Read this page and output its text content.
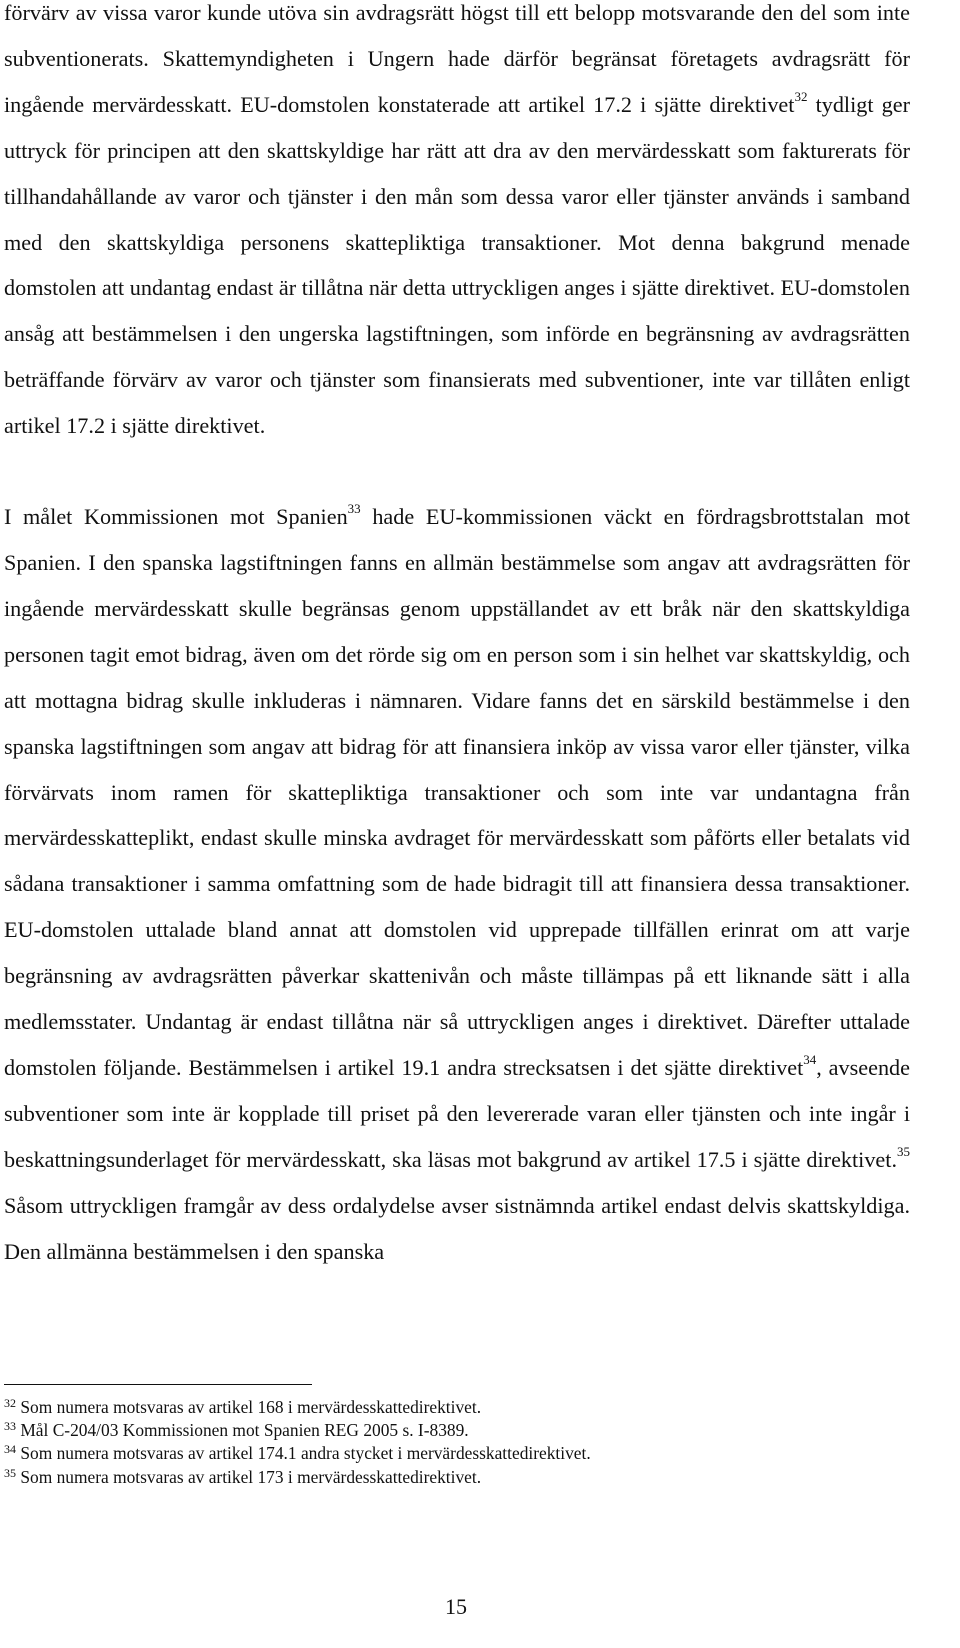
förvärv av vissa varor kunde utöva sin avdragsrätt högst till ett belopp motsvarande den del som inte subventionerats. Skattemyndigheten i Ungern hade därför begränsat företagets avdragsrätt för ingående mervärdesskatt. EU-domstolen konstaterade att artikel 17.2 i sjätte direktivet$^{32}$ tydligt ger uttryck för principen att den skattskyldige har rätt att dra av den mervärdesskatt som fakturerats för tillhandahållande av varor och tjänster i den mån som dessa varor eller tjänster används i samband med den skattskyldiga personens skattepliktiga transaktioner. Mot denna bakgrund menade domstolen att undantag endast är tillåtna när detta uttryckligen anges i sjätte direktivet. EU-domstolen ansåg att bestämmelsen i den ungerska lagstiftningen, som införde en begränsning av avdragsrätten beträffande förvärv av varor och tjänster som finansierats med subventioner, inte var tillåten enligt artikel 17.2 i sjätte direktivet.

I målet Kommissionen mot Spanien$^{33}$ hade EU-kommissionen väckt en fördragsbrottstalan mot Spanien. I den spanska lagstiftningen fanns en allmän bestämmelse som angav att avdragsrätten för ingående mervärdesskatt skulle begränsas genom uppställandet av ett bråk när den skattskyldiga personen tagit emot bidrag, även om det rörde sig om en person som i sin helhet var skattskyldig, och att mottagna bidrag skulle inkluderas i nämnaren. Vidare fanns det en särskild bestämmelse i den spanska lagstiftningen som angav att bidrag för att finansiera inköp av vissa varor eller tjänster, vilka förvärvats inom ramen för skattepliktiga transaktioner och som inte var undantagna från mervärdesskatteplikt, endast skulle minska avdraget för mervärdesskatt som påförts eller betalats vid sådana transaktioner i samma omfattning som de hade bidragit till att finansiera dessa transaktioner. EU-domstolen uttalade bland annat att domstolen vid upprepade tillfällen erinrat om att varje begränsning av avdragsrätten påverkar skattenivån och måste tillämpas på ett liknande sätt i alla medlemsstater. Undantag är endast tillåtna när så uttryckligen anges i direktivet. Därefter uttalade domstolen följande. Bestämmelsen i artikel 19.1 andra strecksatsen i det sjätte direktivet$^{34}$, avseende subventioner som inte är kopplade till priset på den levererade varan eller tjänsten och inte ingår i beskattningsunderlaget för mervärdesskatt, ska läsas mot bakgrund av artikel 17.5 i sjätte direktivet.$^{35}$ Såsom uttryckligen framgår av dess ordalydelse avser sistnämnda artikel endast delvis skattskyldiga. Den allmänna bestämmelsen i den spanska

$^{32}$ Som numera motsvaras av artikel 168 i mervärdesskattedirektivet.

$^{33}$ Mål C-204/03 Kommissionen mot Spanien REG 2005 s. I-8389.

$^{34}$ Som numera motsvaras av artikel 174.1 andra stycket i mervärdesskattedirektivet.

$^{35}$ Som numera motsvaras av artikel 173 i mervärdesskattedirektivet.

15
